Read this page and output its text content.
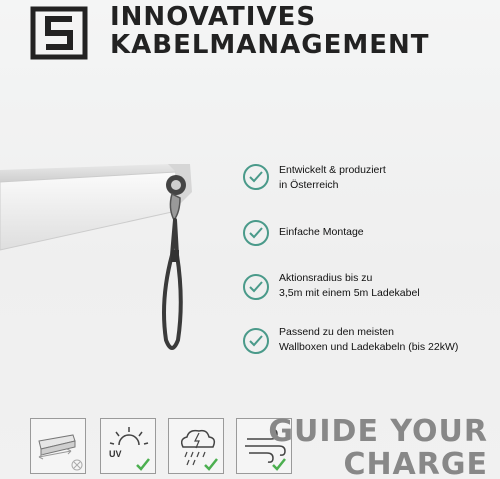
INNOVATIVES
KABELMANAGEMENT
Entwickelt & produziert
in Österreich
Einfache Montage
Aktionsradius bis zu
3,5m mit einem 5m Ladekabel
Passend zu den meisten
Wallboxen und Ladekabeln (bis 22kW)
UV
GUIDE YOUR
CHARGE
